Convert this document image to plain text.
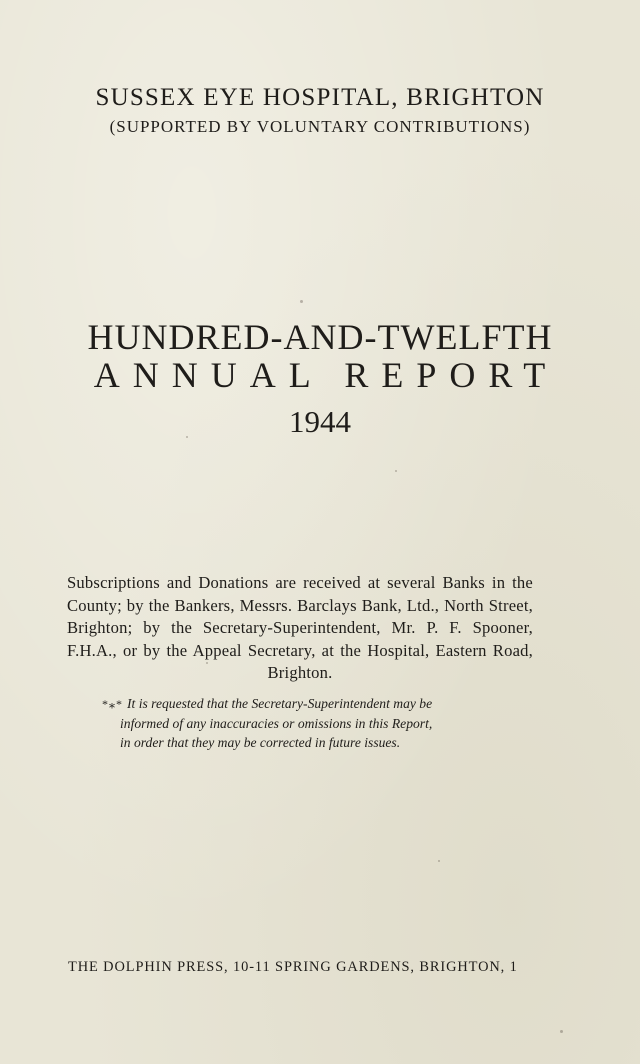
SUSSEX EYE HOSPITAL, BRIGHTON

(SUPPORTED BY VOLUNTARY CONTRIBUTIONS)

HUNDRED-AND-TWELFTH

ANNUAL REPORT

1944

Subscriptions and Donations are received at several Banks in the County; by the Bankers, Messrs. Barclays Bank, Ltd., North Street, Brighton; by the Secretary-Superintendent, Mr. P. F. Spooner, F.H.A., or by the Appeal Secretary, at the Hospital, Eastern Road, Brighton.

*⁎* It is requested that the Secretary-Superintendent may be
informed of any inaccuracies or omissions in this Report,
in order that they may be corrected in future issues.

THE DOLPHIN PRESS, 10-11 SPRING GARDENS, BRIGHTON, 1
